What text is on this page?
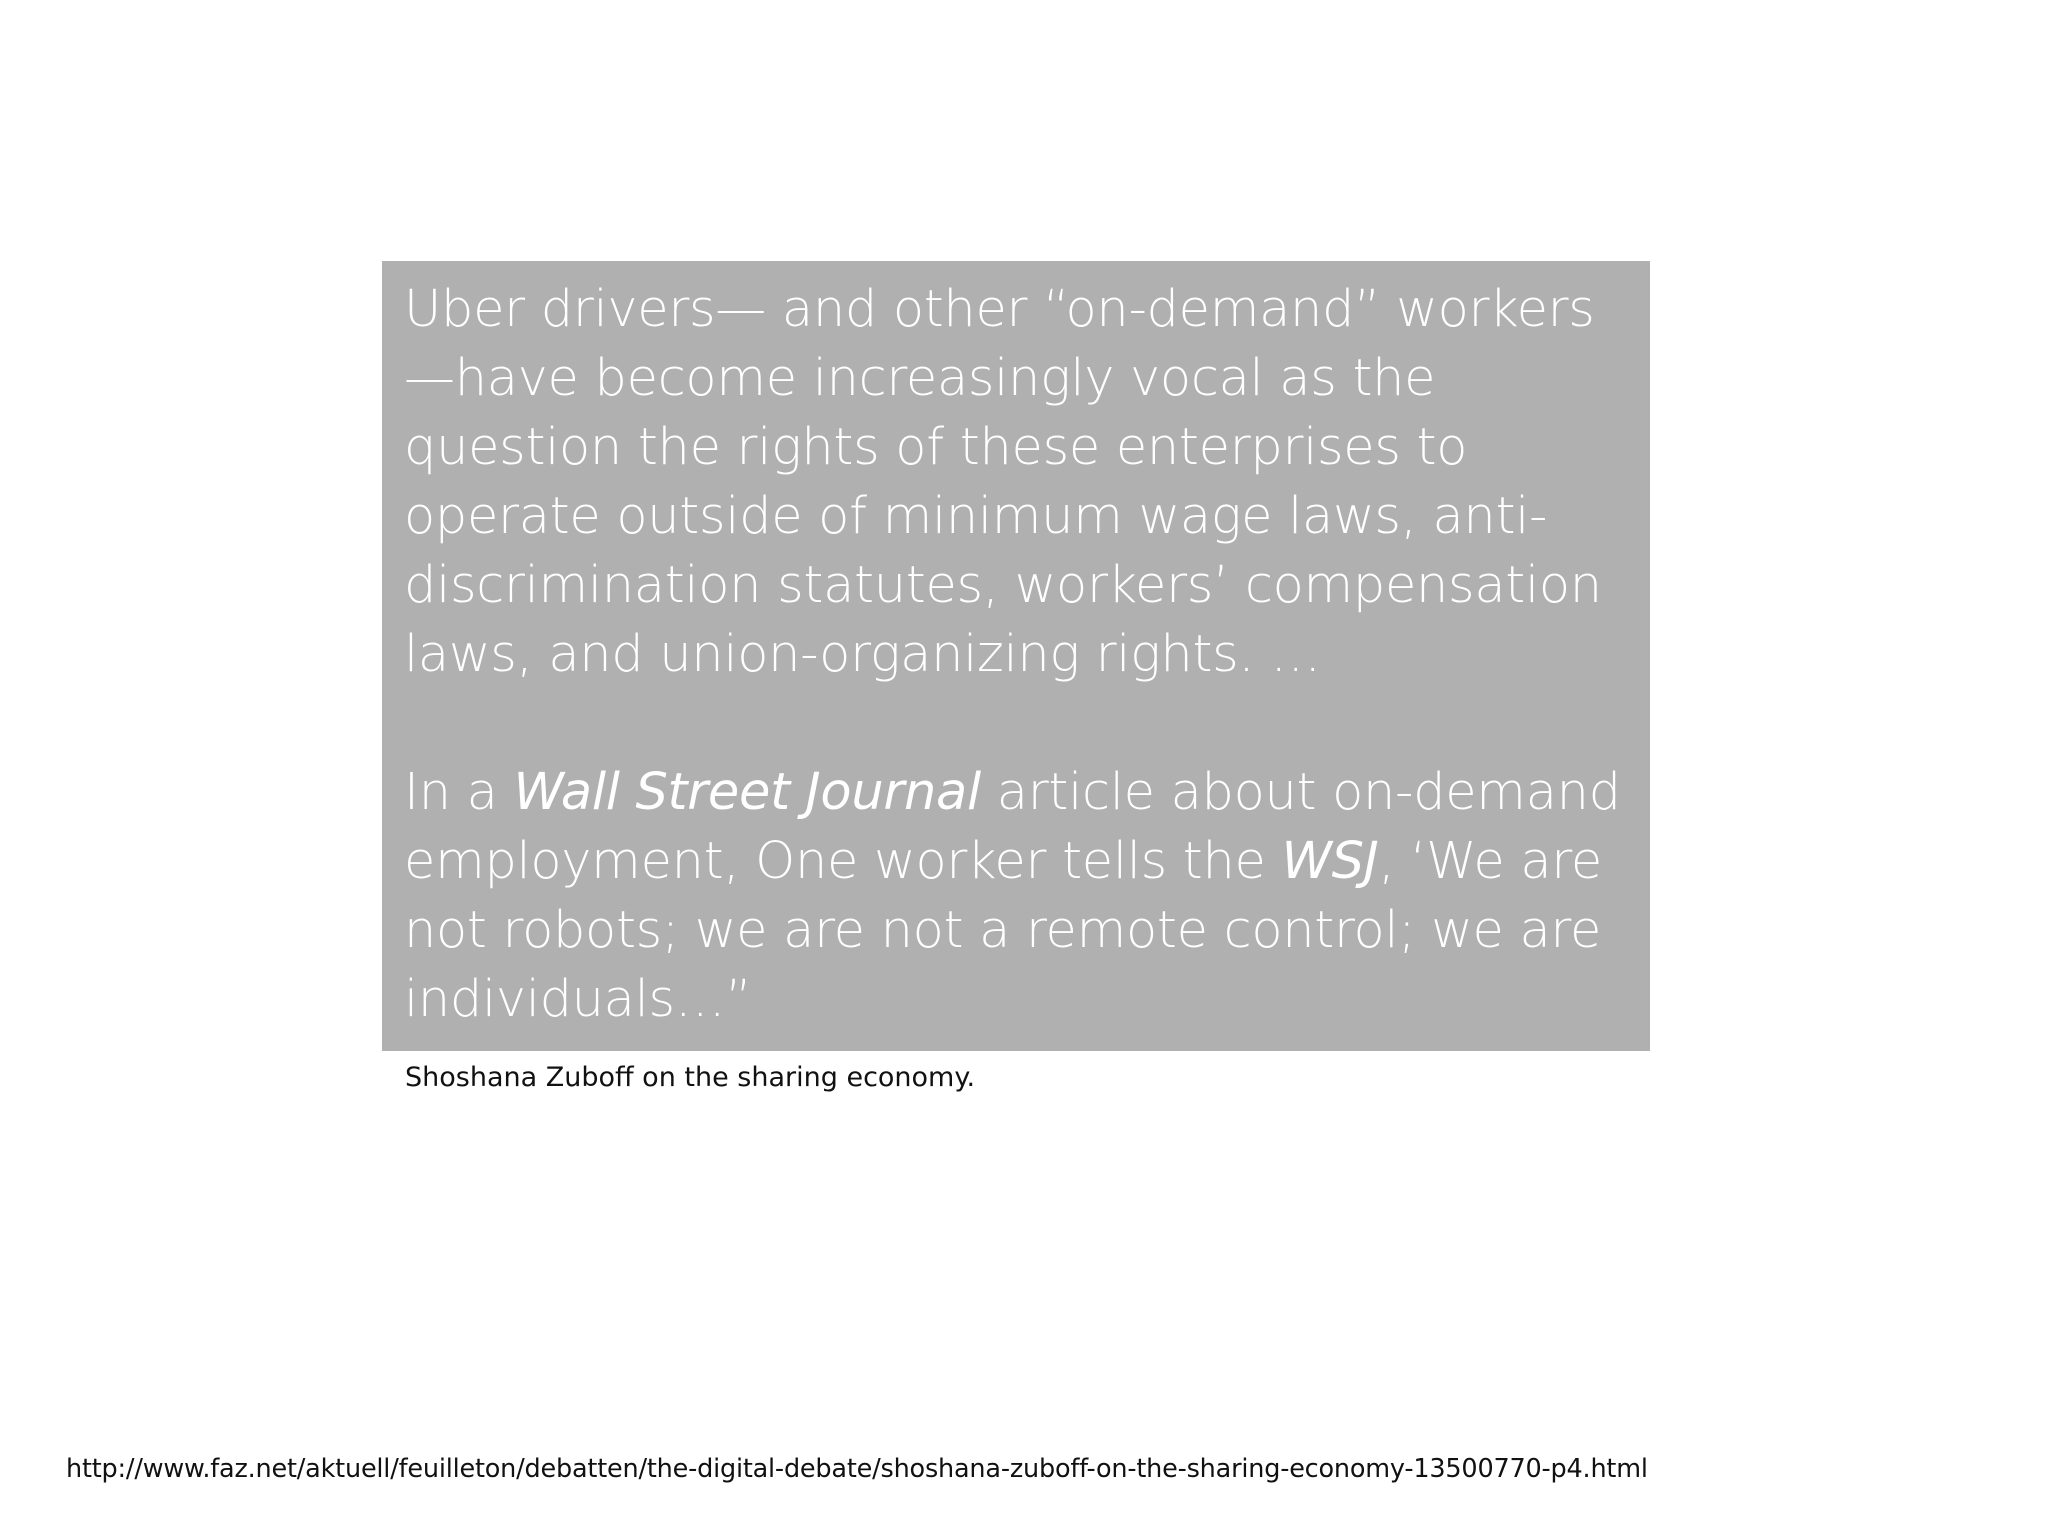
Uber drivers— and other “on-demand” workers—have become increasingly vocal as the question the rights of these enterprises to operate outside of minimum wage laws, anti-discrimination statutes, workers’ compensation laws, and union-organizing rights. …

In a Wall Street Journal article about on-demand employment, One worker tells the WSJ, ‘We are not robots; we are not a remote control; we are individuals…”

Shoshana Zuboff on the sharing economy.
http://www.faz.net/aktuell/feuilleton/debatten/the-digital-debate/shoshana-zuboff-on-the-sharing-economy-13500770-p4.html
